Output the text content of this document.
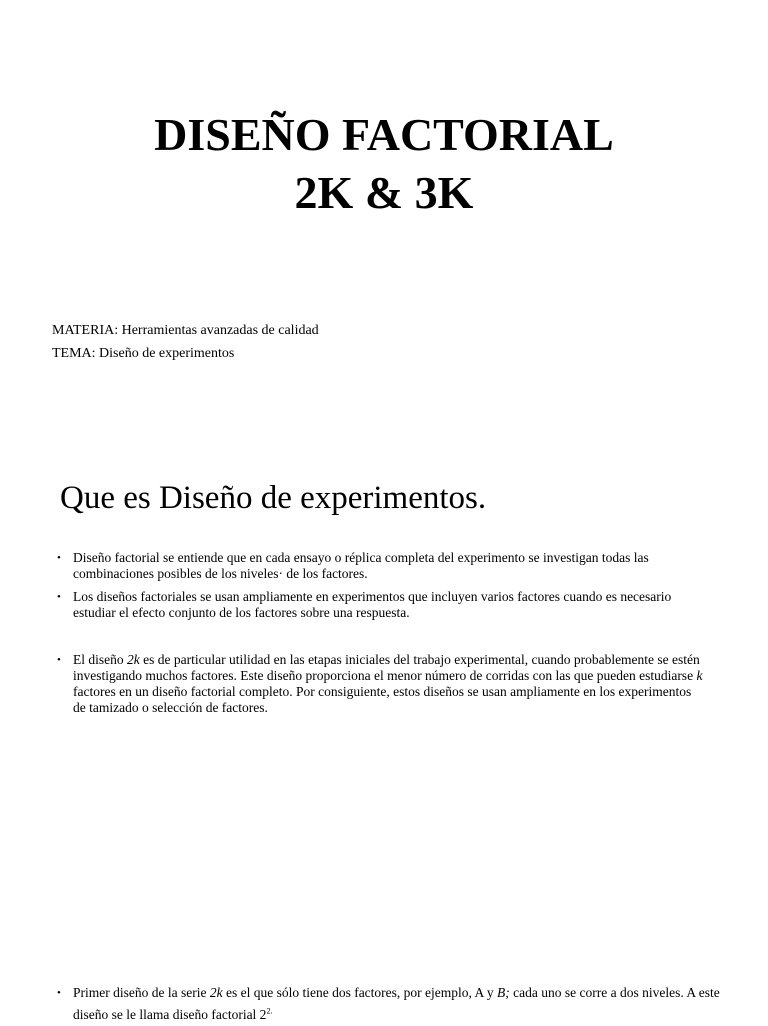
DISEÑO FACTORIAL
2K & 3K
MATERIA: Herramientas avanzadas de calidad
TEMA: Diseño de experimentos
Que es Diseño de experimentos.
• Diseño factorial se entiende que en cada ensayo o réplica completa del experimento se investigan todas las combinaciones posibles de los niveles· de los factores.
• Los diseños factoriales se usan ampliamente en experimentos que incluyen varios factores cuando es necesario estudiar el efecto conjunto de los factores sobre una respuesta.
• El diseño 2k es de particular utilidad en las etapas iniciales del trabajo experimental, cuando probablemente se estén investigando muchos factores. Este diseño proporciona el menor número de corridas con las que pueden estudiarse k factores en un diseño factorial completo. Por consiguiente, estos diseños se usan ampliamente en los experimentos de tamizado o selección de factores.
• Primer diseño de la serie 2k es el que sólo tiene dos factores, por ejemplo, A y B; cada uno se corre a dos niveles. A este diseño se le llama diseño factorial $2^{2.}$
